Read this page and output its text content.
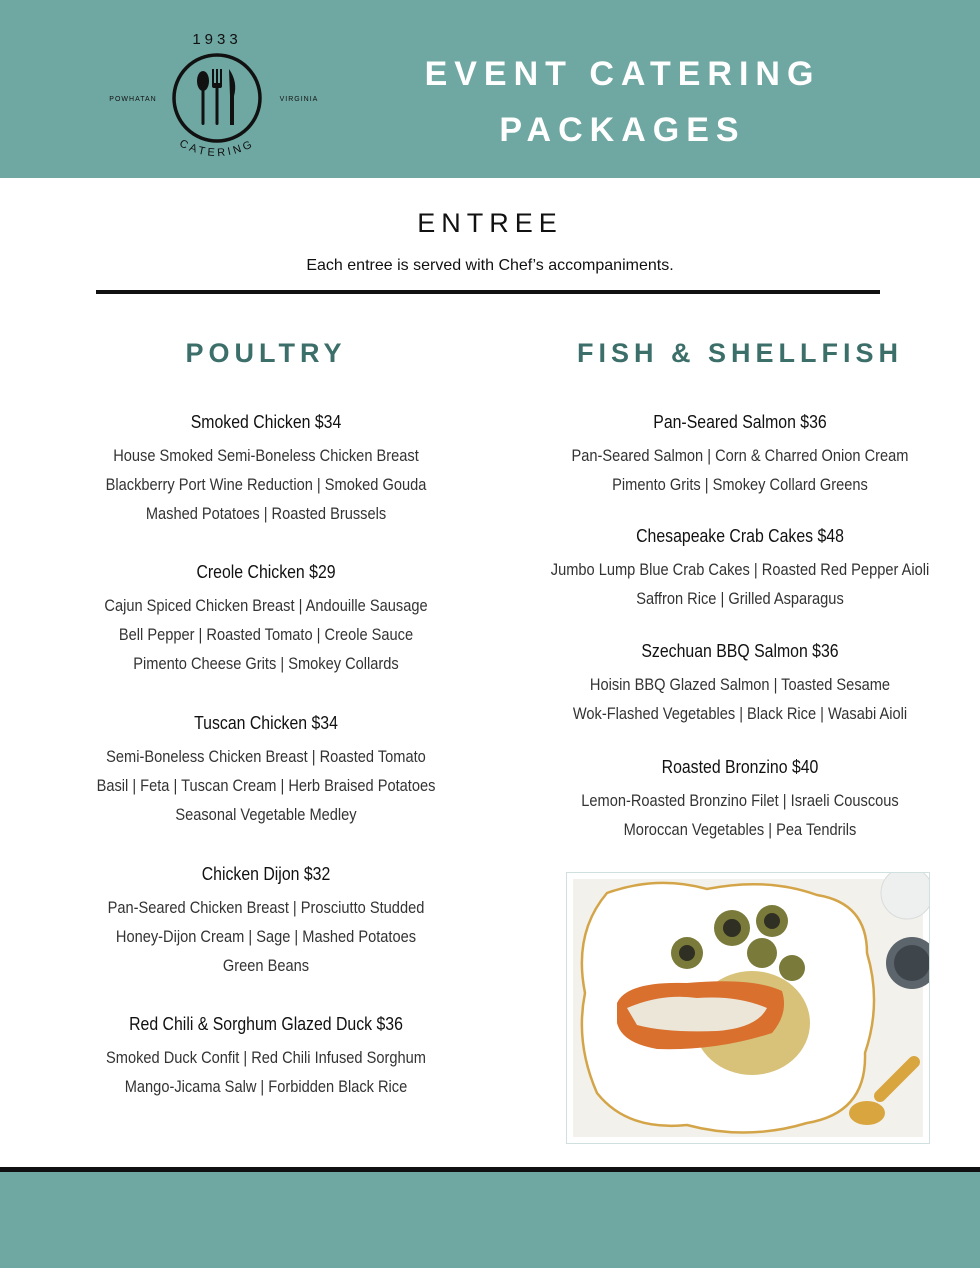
1933
POWHATAN	VIRGINIA
CATERING
EVENT CATERING
PACKAGES
ENTREE
Each entree is served with Chef’s accompaniments.
POULTRY	FISH & SHELLFISH
Smoked Chicken $34
House Smoked Semi-Boneless Chicken Breast
Blackberry Port Wine Reduction | Smoked Gouda
Mashed Potatoes | Roasted Brussels
Creole Chicken $29
Cajun Spiced Chicken Breast | Andouille Sausage
Bell Pepper | Roasted Tomato | Creole Sauce
Pimento Cheese Grits | Smokey Collards
Tuscan Chicken $34
Semi-Boneless Chicken Breast | Roasted Tomato
Basil | Feta | Tuscan Cream | Herb Braised Potatoes
Seasonal Vegetable Medley
Chicken Dijon $32
Pan-Seared Chicken Breast | Prosciutto Studded
Honey-Dijon Cream | Sage | Mashed Potatoes
Green Beans
Red Chili & Sorghum Glazed Duck $36
Smoked Duck Confit | Red Chili Infused Sorghum
Mango-Jicama Salw | Forbidden Black Rice
Pan-Seared Salmon $36
Pan-Seared Salmon | Corn & Charred Onion Cream
Pimento Grits | Smokey Collard Greens
Chesapeake Crab Cakes $48
Jumbo Lump Blue Crab Cakes | Roasted Red Pepper Aioli
Saffron Rice | Grilled Asparagus
Szechuan BBQ Salmon $36
Hoisin BBQ Glazed Salmon | Toasted Sesame
Wok-Flashed Vegetables | Black Rice | Wasabi Aioli
Roasted Bronzino $40
Lemon-Roasted Bronzino Filet | Israeli Couscous
Moroccan Vegetables | Pea Tendrils
